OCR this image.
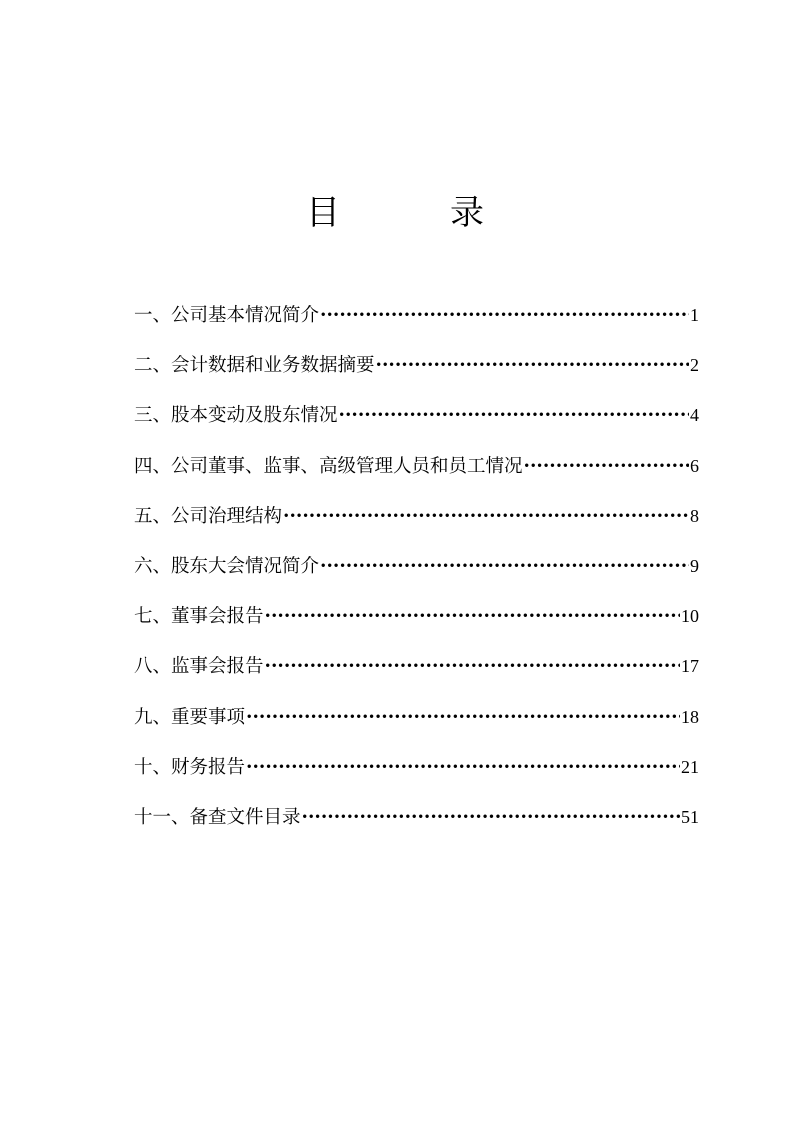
目	录
一、公司基本情况简介 ·····	1
二、会计数据和业务数据摘要 ·····	2
三、股本变动及股东情况 ·····	4
四、公司董事、监事、高级管理人员和员工情况 ·····	6
五、公司治理结构 ·····	8
六、股东大会情况简介 ·····	9
七、董事会报告 ·····	10
八、监事会报告 ·····	17
九、重要事项 ·····	18
十、财务报告 ·····	21
十一、备查文件目录 ·····	51
